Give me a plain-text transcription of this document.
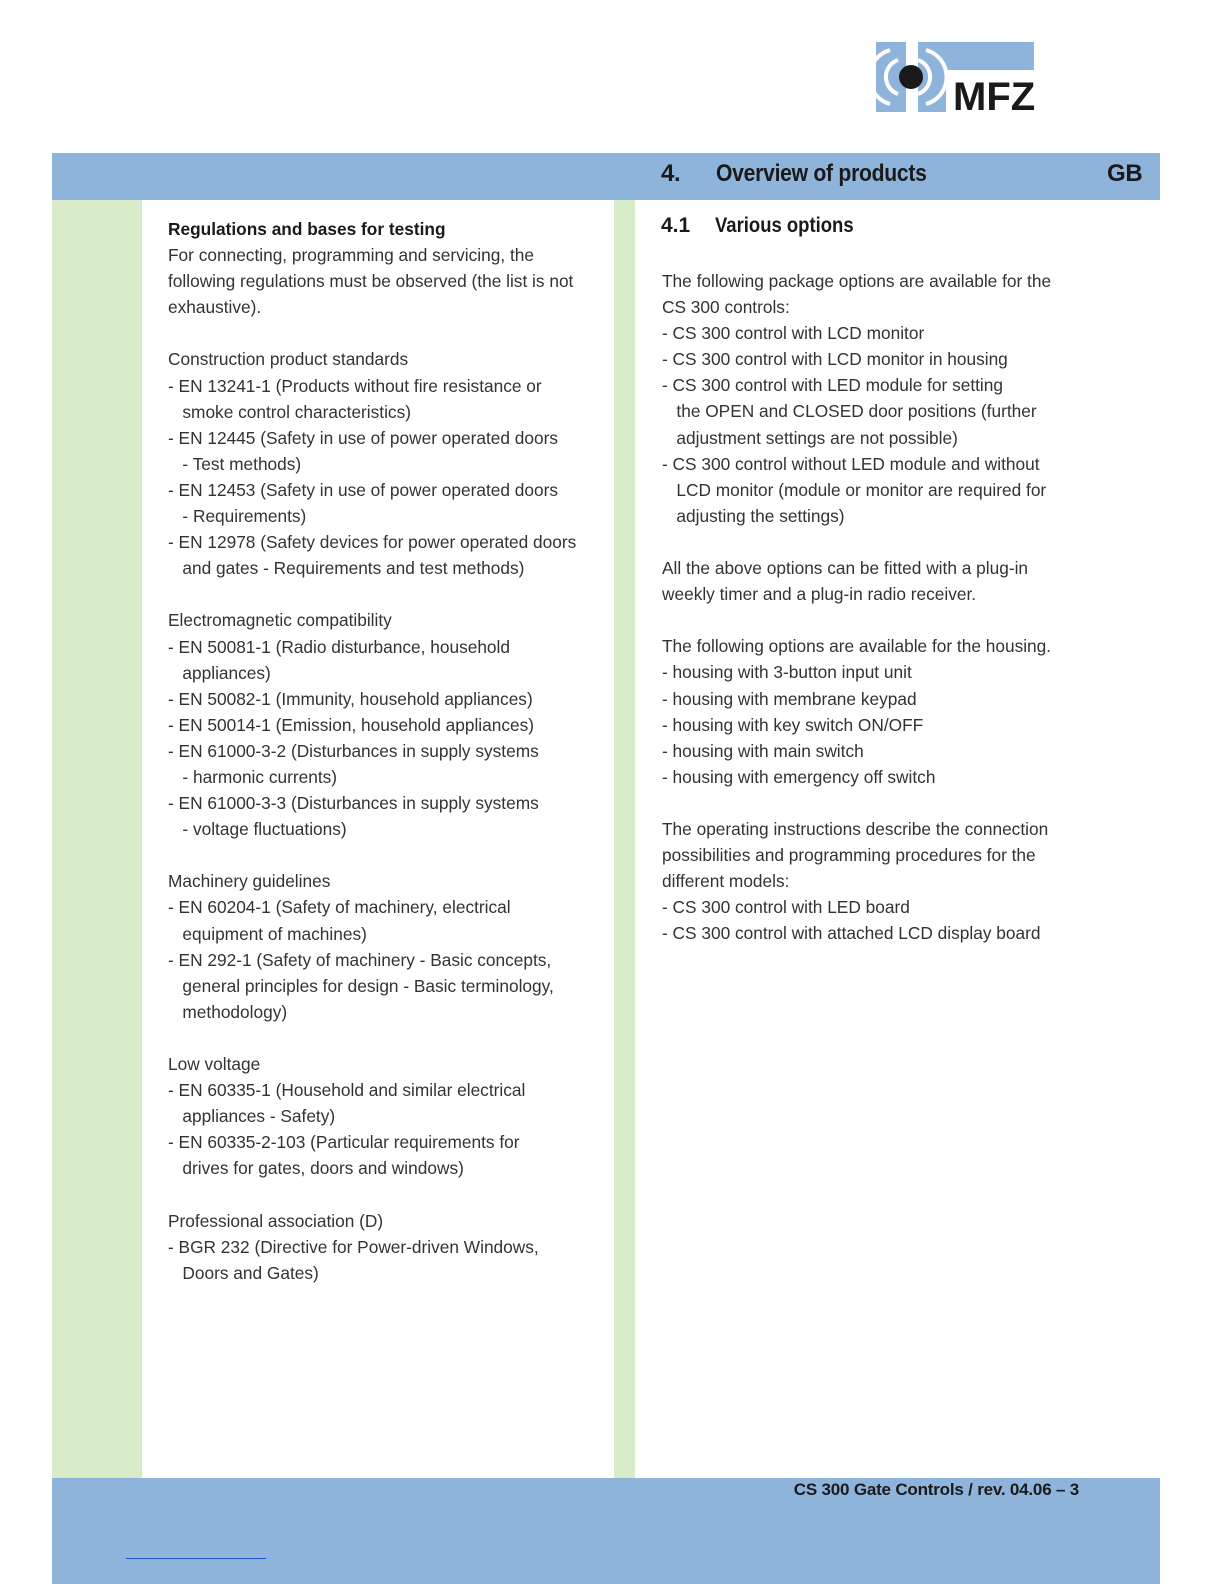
MFZ
4. Overview of products	GB
4.1 Various options
Regulations and bases for testing
For connecting, programming and servicing, the
following regulations must be observed (the list is not
exhaustive).
Construction product standards
- EN 13241-1 (Products without fire resistance or
smoke control characteristics)
- EN 12445 (Safety in use of power operated doors
- Test methods)
- EN 12453 (Safety in use of power operated doors
- Requirements)
- EN 12978 (Safety devices for power operated doors
and gates - Requirements and test methods)
Electromagnetic compatibility
- EN 50081-1 (Radio disturbance, household
appliances)
- EN 50082-1 (Immunity, household appliances)
- EN 50014-1 (Emission, household appliances)
- EN 61000-3-2 (Disturbances in supply systems
- harmonic currents)
- EN 61000-3-3 (Disturbances in supply systems
- voltage fluctuations)
Machinery guidelines
- EN 60204-1 (Safety of machinery, electrical
equipment of machines)
- EN 292-1 (Safety of machinery - Basic concepts,
general principles for design - Basic terminology,
methodology)
Low voltage
- EN 60335-1 (Household and similar electrical
appliances - Safety)
- EN 60335-2-103 (Particular requirements for
drives for gates, doors and windows)
Professional association (D)
- BGR 232 (Directive for Power-driven Windows,
Doors and Gates)
The following package options are available for the
CS 300 controls:
- CS 300 control with LCD monitor
- CS 300 control with LCD monitor in housing
- CS 300 control with LED module for setting
the OPEN and CLOSED door positions (further
adjustment settings are not possible)
- CS 300 control without LED module and without
LCD monitor (module or monitor are required for
adjusting the settings)
All the above options can be fitted with a plug-in
weekly timer and a plug-in radio receiver.
The following options are available for the housing.
- housing with 3-button input unit
- housing with membrane keypad
- housing with key switch ON/OFF
- housing with main switch
- housing with emergency off switch
The operating instructions describe the connection
possibilities and programming procedures for the
different models:
- CS 300 control with LED board
- CS 300 control with attached LCD display board
CS 300 Gate Controls / rev. 04.06 – 3
